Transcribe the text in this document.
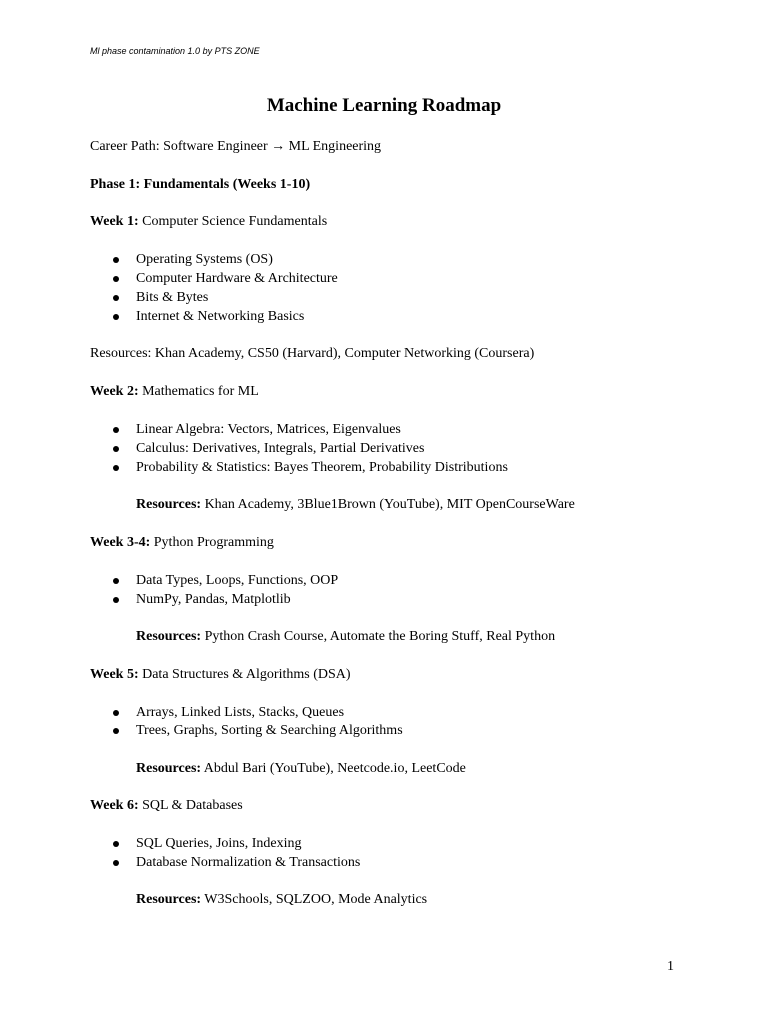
Ml phase contamination 1.0 by PTS ZONE
Machine Learning Roadmap
Career Path: Software Engineer → ML Engineering
Phase 1: Fundamentals (Weeks 1-10)
Week 1: Computer Science Fundamentals
Operating Systems (OS)
Computer Hardware & Architecture
Bits & Bytes
Internet & Networking Basics
Resources: Khan Academy, CS50 (Harvard), Computer Networking (Coursera)
Week 2: Mathematics for ML
Linear Algebra: Vectors, Matrices, Eigenvalues
Calculus: Derivatives, Integrals, Partial Derivatives
Probability & Statistics: Bayes Theorem, Probability Distributions
Resources: Khan Academy, 3Blue1Brown (YouTube), MIT OpenCourseWare
Week 3-4: Python Programming
Data Types, Loops, Functions, OOP
NumPy, Pandas, Matplotlib
Resources: Python Crash Course, Automate the Boring Stuff, Real Python
Week 5: Data Structures & Algorithms (DSA)
Arrays, Linked Lists, Stacks, Queues
Trees, Graphs, Sorting & Searching Algorithms
Resources: Abdul Bari (YouTube), Neetcode.io, LeetCode
Week 6: SQL & Databases
SQL Queries, Joins, Indexing
Database Normalization & Transactions
Resources: W3Schools, SQLZOO, Mode Analytics
1
